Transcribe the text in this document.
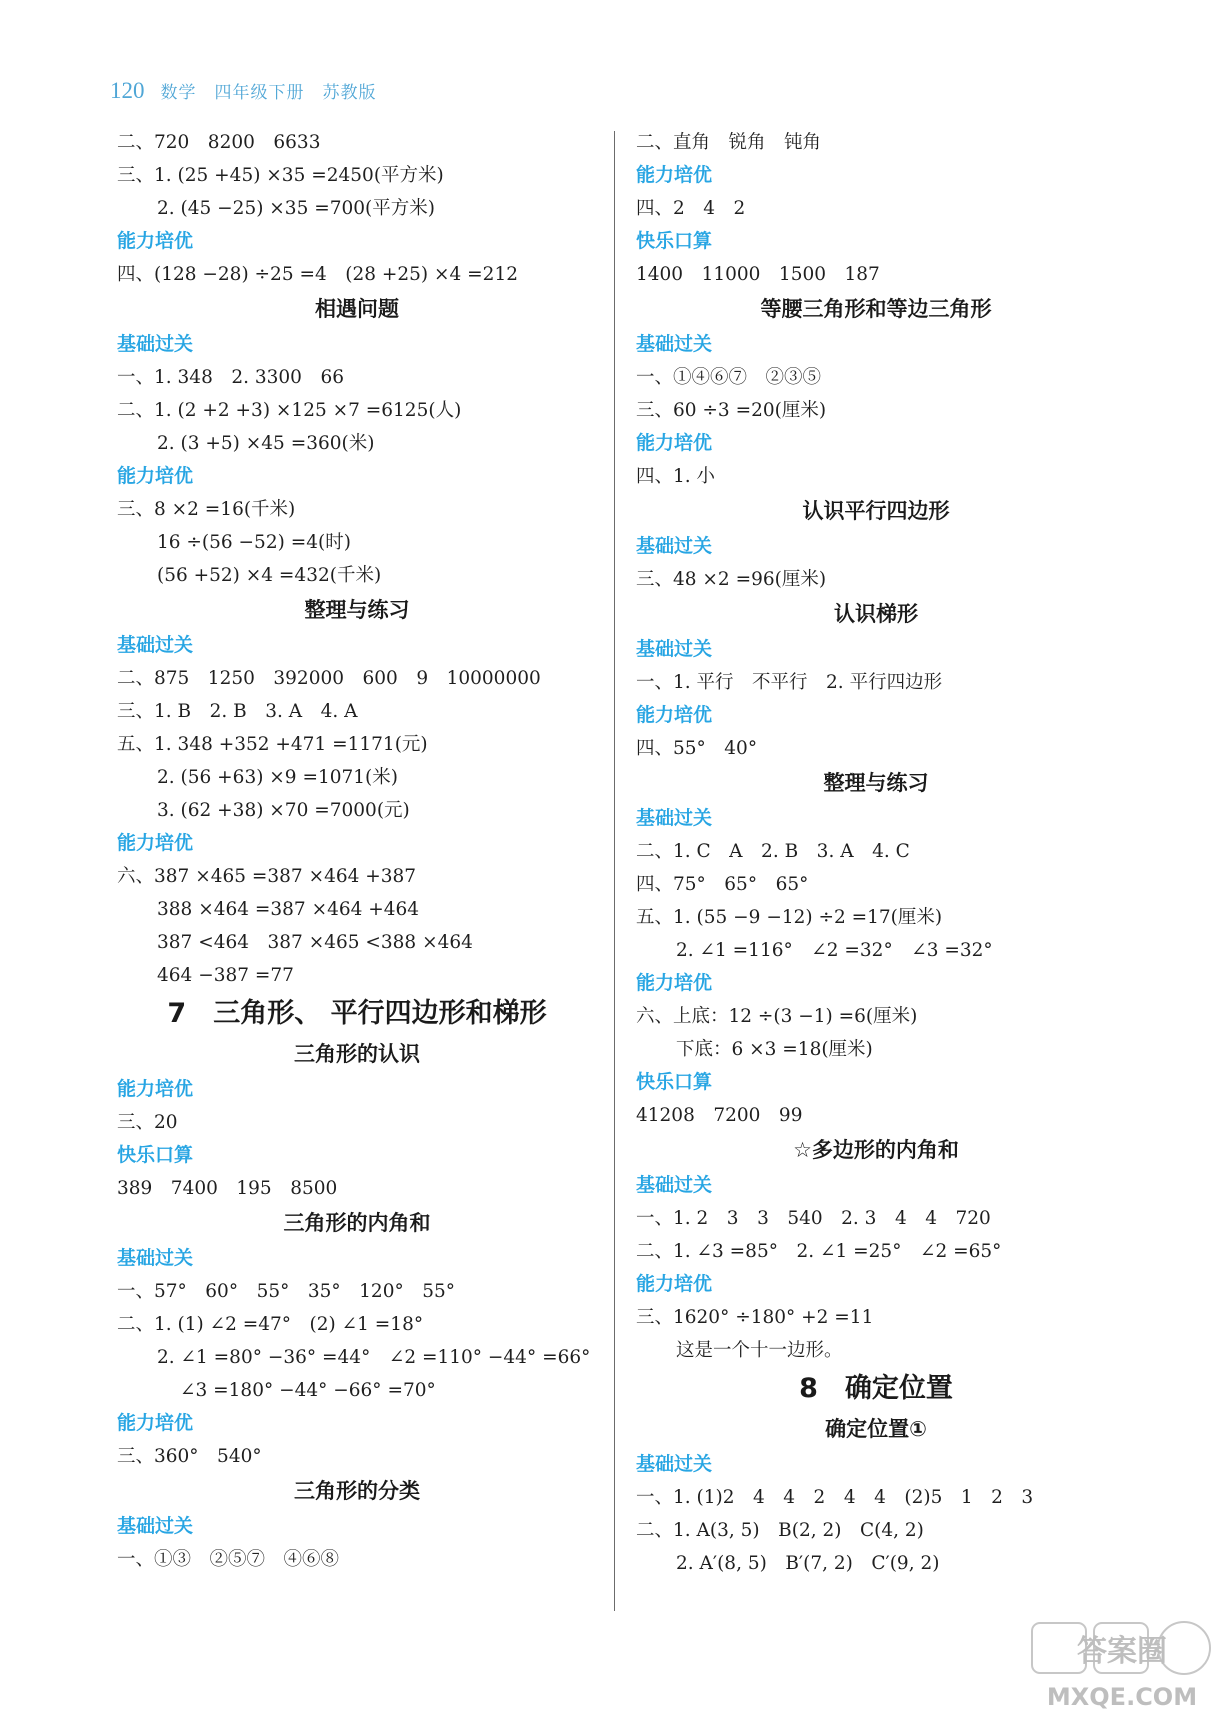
120 数学　四年级下册　苏教版
二、720　8200　6633
三、1. (25 +45) ×35 =2450(平方米)
2. (45 −25) ×35 =700(平方米)
能力培优
四、(128 −28) ÷25 =4　(28 +25) ×4 =212
相遇问题
基础过关
一、1. 348　2. 3300　66
二、1. (2 +2 +3) ×125 ×7 =6125(人)
2. (3 +5) ×45 =360(米)
能力培优
三、8 ×2 =16(千米)
16 ÷(56 −52) =4(时)
(56 +52) ×4 =432(千米)
整理与练习
基础过关
二、875　1250　392000　600　9　10000000
三、1. B　2. B　3. A　4. A
五、1. 348 +352 +471 =1171(元)
2. (56 +63) ×9 =1071(米)
3. (62 +38) ×70 =7000(元)
能力培优
六、387 ×465 =387 ×464 +387
388 ×464 =387 ×464 +464
387 <464　387 ×465 <388 ×464
464 −387 =77
7　三角形、 平行四边形和梯形
三角形的认识
能力培优
三、20
快乐口算
389　7400　195　8500
三角形的内角和
基础过关
一、57°　60°　55°　35°　120°　55°
二、1. (1) ∠2 =47°　(2) ∠1 =18°
2. ∠1 =80° −36° =44°　∠2 =110° −44° =66°
∠3 =180° −44° −66° =70°
能力培优
三、360°　540°
三角形的分类
基础过关
一、①③　②⑤⑦　④⑥⑧
二、直角　锐角　钝角
能力培优
四、2　4　2
快乐口算
1400　11000　1500　187
等腰三角形和等边三角形
基础过关
一、①④⑥⑦　②③⑤
三、60 ÷3 =20(厘米)
能力培优
四、1. 小
认识平行四边形
基础过关
三、48 ×2 =96(厘米)
认识梯形
基础过关
一、1. 平行　不平行　2. 平行四边形
能力培优
四、55°　40°
整理与练习
基础过关
二、1. C　A　2. B　3. A　4. C
四、75°　65°　65°
五、1. (55 −9 −12) ÷2 =17(厘米)
2. ∠1 =116°　∠2 =32°　∠3 =32°
能力培优
六、上底：12 ÷(3 −1) =6(厘米)
下底：6 ×3 =18(厘米)
快乐口算
41208　7200　99
☆多边形的内角和
基础过关
一、1. 2　3　3　540　2. 3　4　4　720
二、1. ∠3 =85°　2. ∠1 =25°　∠2 =65°
能力培优
三、1620° ÷180° +2 =11
这是一个十一边形。
8　确定位置
确定位置①
基础过关
一、1. (1)2　4　4　2　4　4　(2)5　1　2　3
二、1. A(3, 5)　B(2, 2)　C(4, 2)
2. A′(8, 5)　B′(7, 2)　C′(9, 2)
答案圈
MXQE.COM
